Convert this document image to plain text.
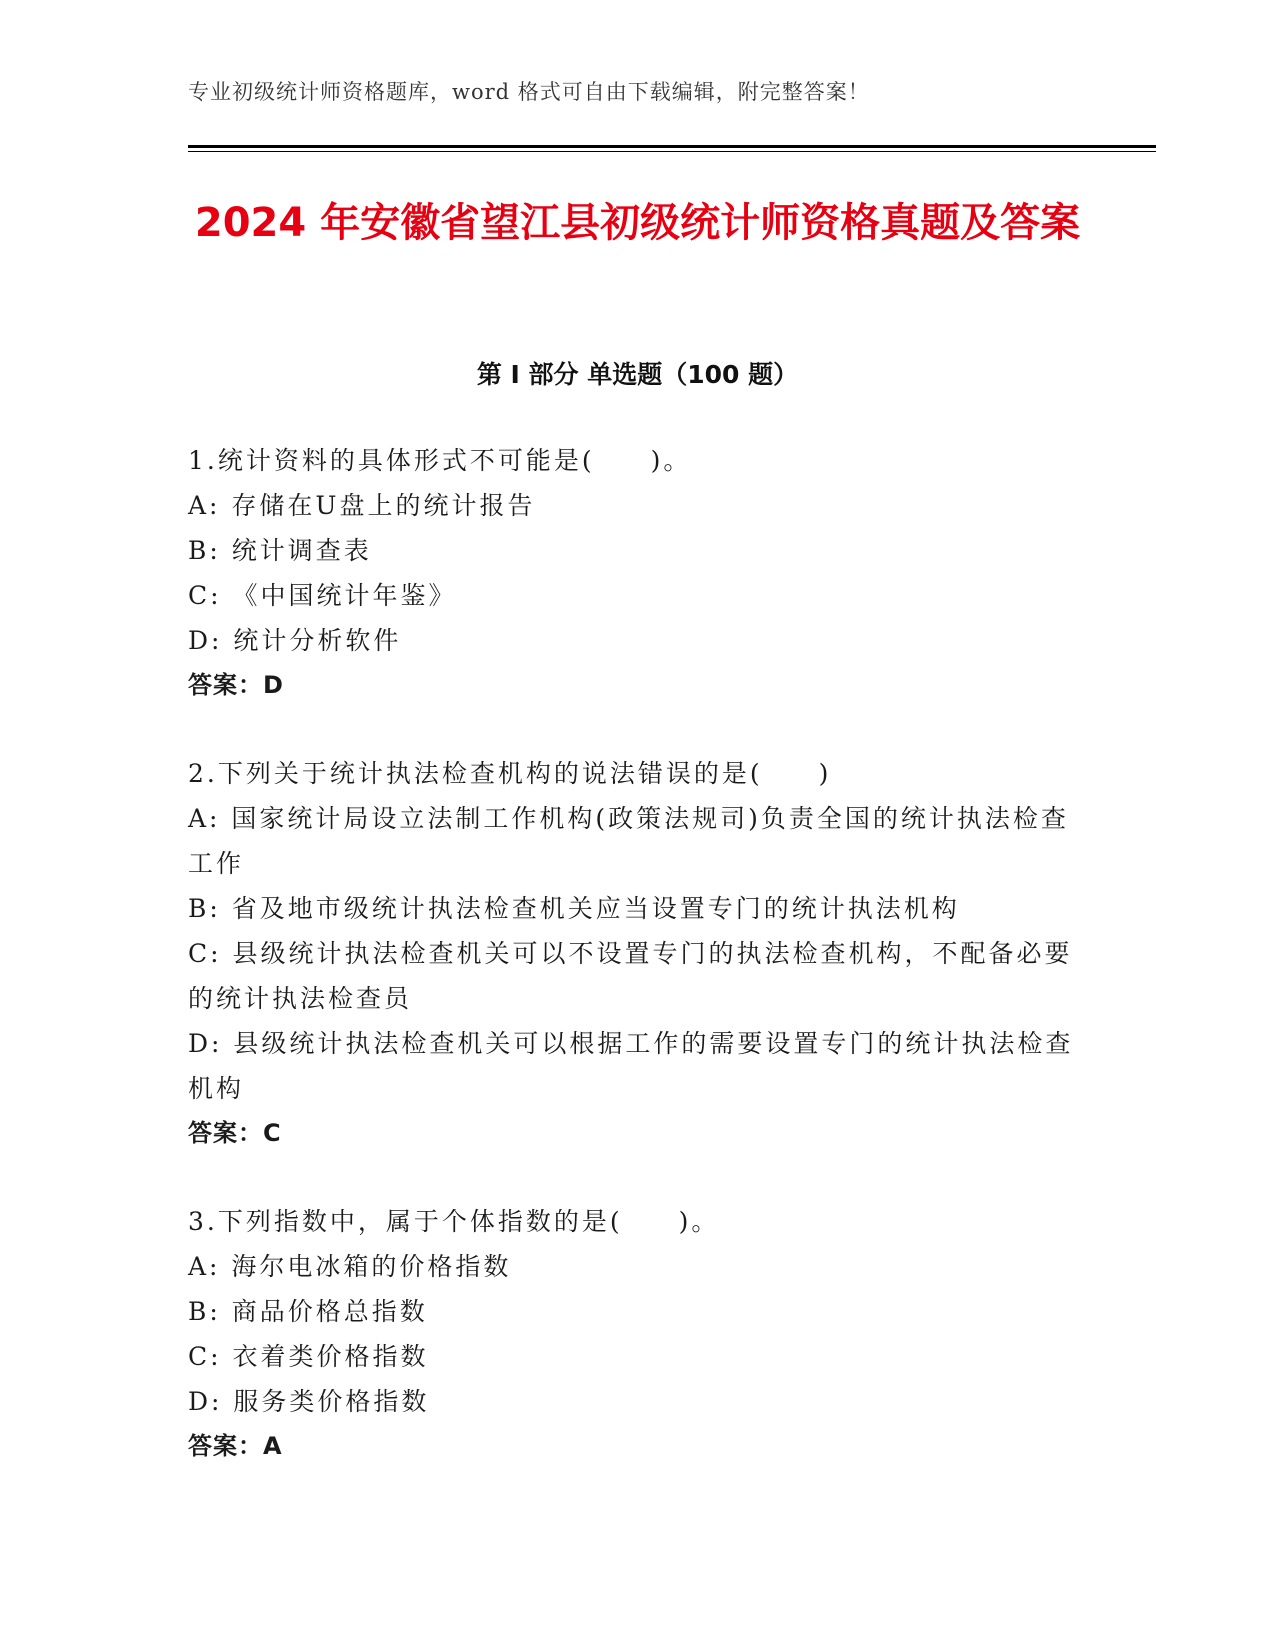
专业初级统计师资格题库，word 格式可自由下载编辑，附完整答案！
2024 年安徽省望江县初级统计师资格真题及答案
第 I 部分 单选题（100 题）
1.统计资料的具体形式不可能是(　　)。
A: 存储在U盘上的统计报告
B: 统计调查表
C: 《中国统计年鉴》
D: 统计分析软件
答案：D
2.下列关于统计执法检查机构的说法错误的是(　　)
A: 国家统计局设立法制工作机构(政策法规司)负责全国的统计执法检查工作
B: 省及地市级统计执法检查机关应当设置专门的统计执法机构
C: 县级统计执法检查机关可以不设置专门的执法检查机构，不配备必要的统计执法检查员
D: 县级统计执法检查机关可以根据工作的需要设置专门的统计执法检查机构
答案：C
3.下列指数中，属于个体指数的是(　　)。
A: 海尔电冰箱的价格指数
B: 商品价格总指数
C: 衣着类价格指数
D: 服务类价格指数
答案：A
